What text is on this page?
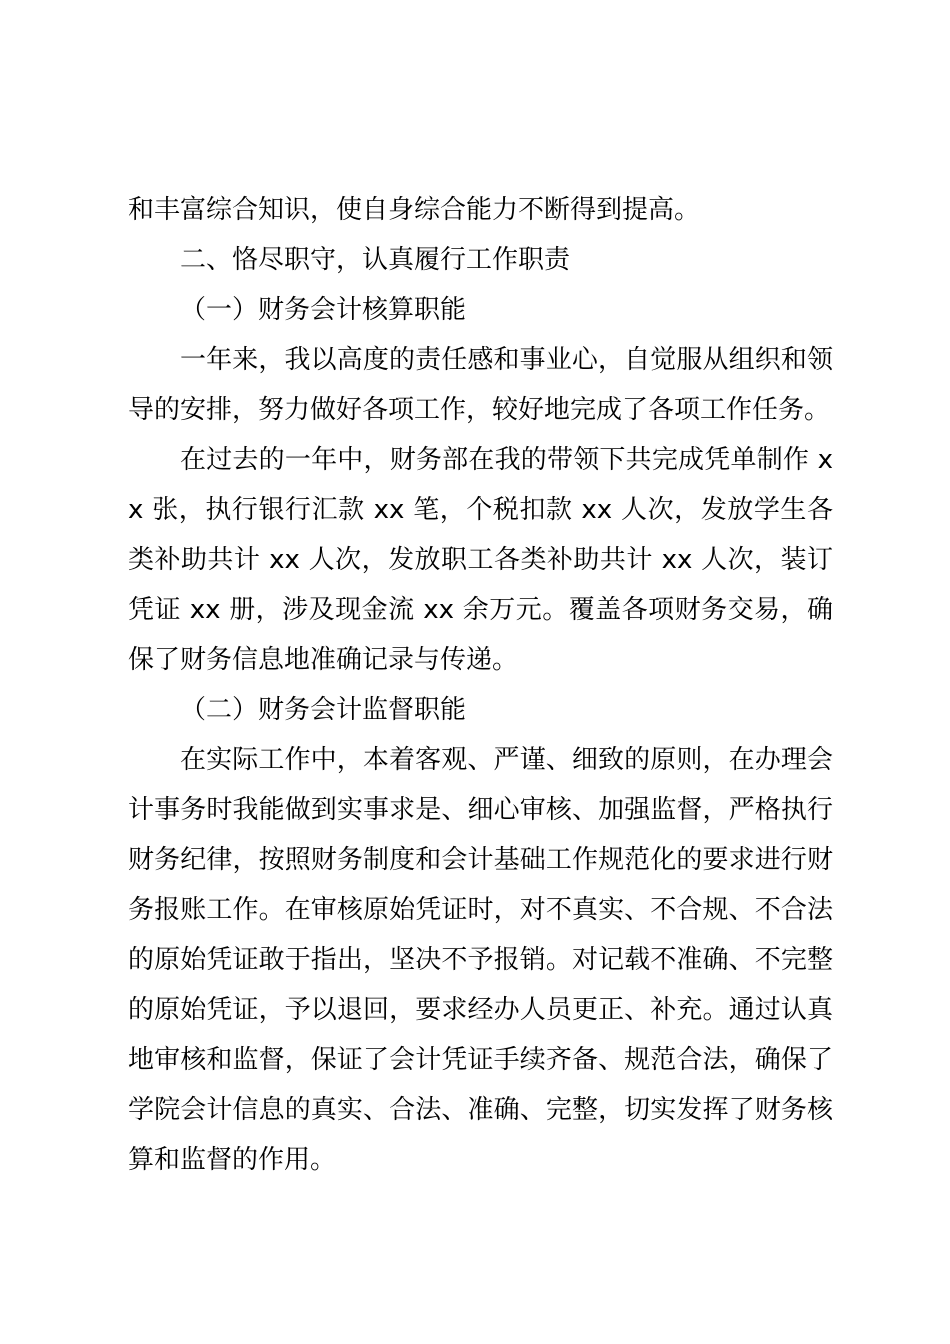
和丰富综合知识，使自身综合能力不断得到提高。

二、恪尽职守，认真履行工作职责

（一）财务会计核算职能

一年来，我以高度的责任感和事业心，自觉服从组织和领导的安排，努力做好各项工作，较好地完成了各项工作任务。

在过去的一年中，财务部在我的带领下共完成凭单制作 xx 张，执行银行汇款 xx 笔，个税扣款 xx 人次，发放学生各类补助共计 xx 人次，发放职工各类补助共计 xx 人次，装订凭证 xx 册，涉及现金流 xx 余万元。覆盖各项财务交易，确保了财务信息地准确记录与传递。

（二）财务会计监督职能

在实际工作中，本着客观、严谨、细致的原则，在办理会计事务时我能做到实事求是、细心审核、加强监督，严格执行财务纪律，按照财务制度和会计基础工作规范化的要求进行财务报账工作。在审核原始凭证时，对不真实、不合规、不合法的原始凭证敢于指出，坚决不予报销。对记载不准确、不完整的原始凭证，予以退回，要求经办人员更正、补充。通过认真地审核和监督，保证了会计凭证手续齐备、规范合法，确保了学院会计信息的真实、合法、准确、完整，切实发挥了财务核算和监督的作用。
